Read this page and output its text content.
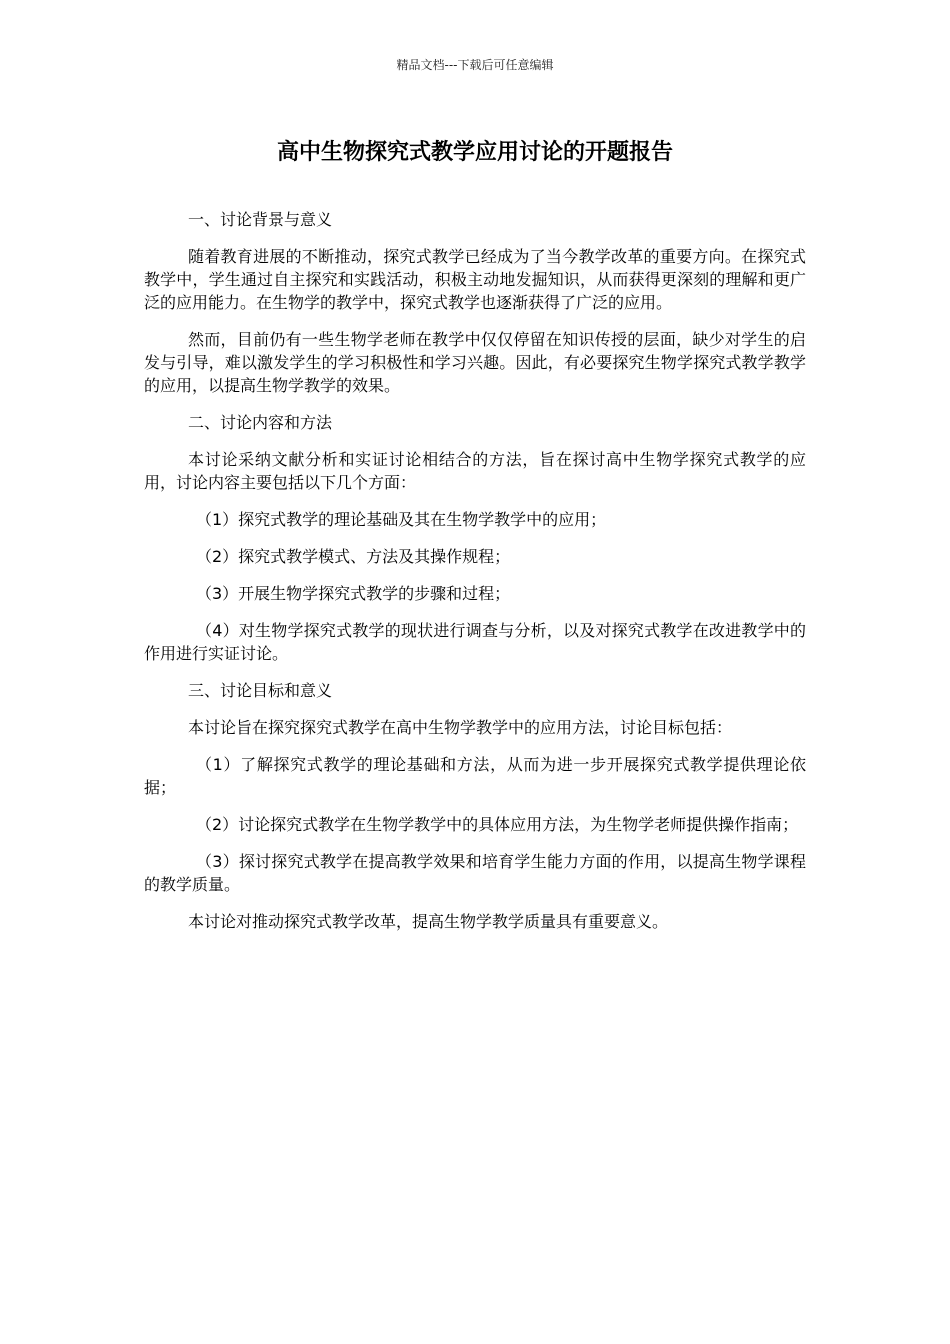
精品文档---下载后可任意编辑
高中生物探究式教学应用讨论的开题报告

一、讨论背景与意义

随着教育进展的不断推动，探究式教学已经成为了当今教学改革的重要方向。在探究式教学中，学生通过自主探究和实践活动，积极主动地发掘知识，从而获得更深刻的理解和更广泛的应用能力。在生物学的教学中，探究式教学也逐渐获得了广泛的应用。

然而，目前仍有一些生物学老师在教学中仅仅停留在知识传授的层面，缺少对学生的启发与引导，难以激发学生的学习积极性和学习兴趣。因此，有必要探究生物学探究式教学教学的应用，以提高生物学教学的效果。

二、讨论内容和方法

本讨论采纳文献分析和实证讨论相结合的方法，旨在探讨高中生物学探究式教学的应用，讨论内容主要包括以下几个方面：

（1）探究式教学的理论基础及其在生物学教学中的应用；

（2）探究式教学模式、方法及其操作规程；

（3）开展生物学探究式教学的步骤和过程；

（4）对生物学探究式教学的现状进行调查与分析，以及对探究式教学在改进教学中的作用进行实证讨论。

三、讨论目标和意义

本讨论旨在探究探究式教学在高中生物学教学中的应用方法，讨论目标包括：

（1）了解探究式教学的理论基础和方法，从而为进一步开展探究式教学提供理论依据；

（2）讨论探究式教学在生物学教学中的具体应用方法，为生物学老师提供操作指南；

（3）探讨探究式教学在提高教学效果和培育学生能力方面的作用，以提高生物学课程的教学质量。

本讨论对推动探究式教学改革，提高生物学教学质量具有重要意义。
